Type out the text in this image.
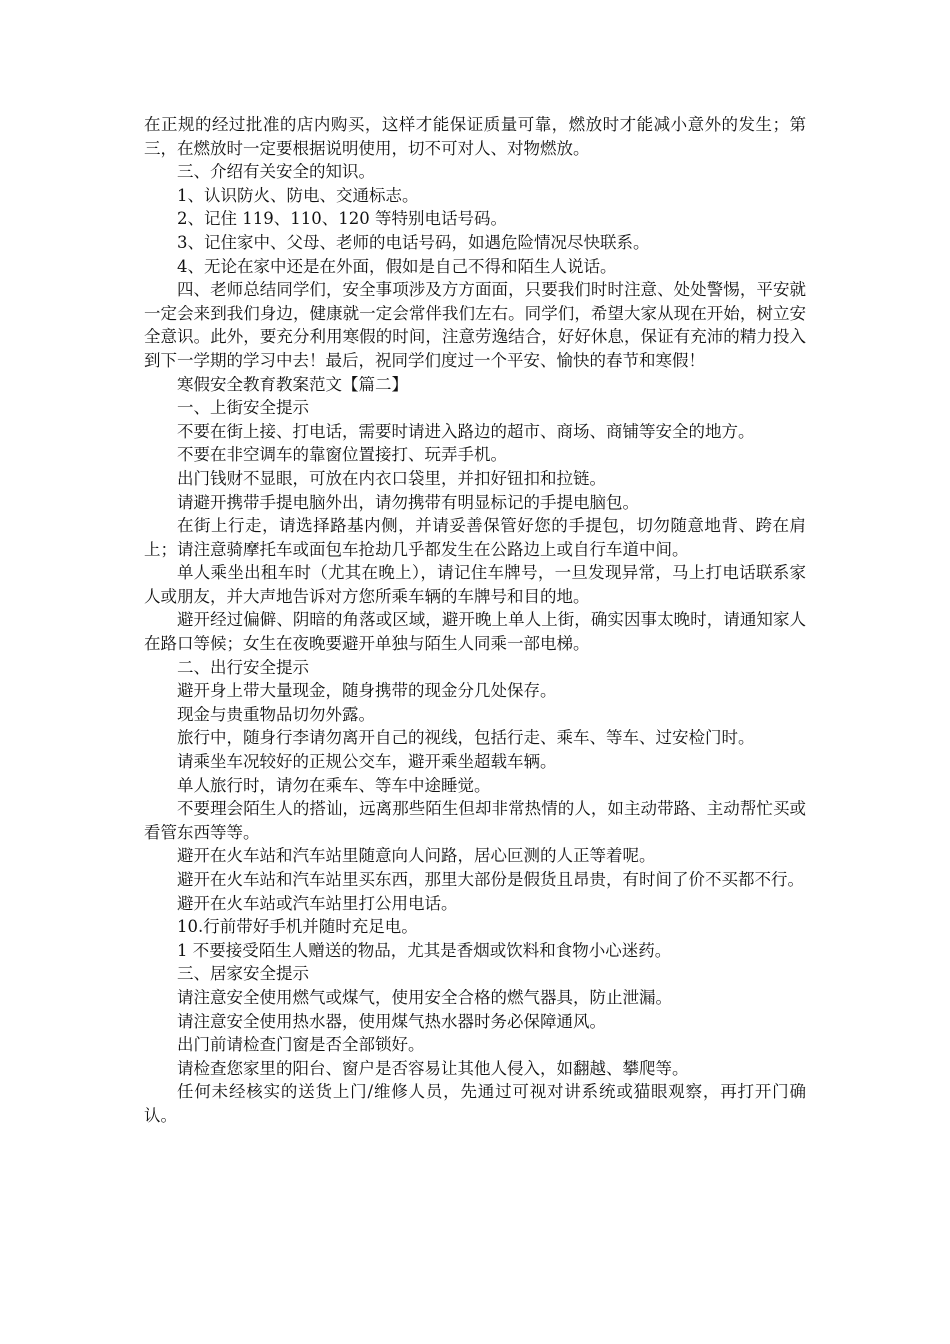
在正规的经过批准的店内购买，这样才能保证质量可靠，燃放时才能减小意外的发生；第三，在燃放时一定要根据说明使用，切不可对人、对物燃放。

三、介绍有关安全的知识。

1、认识防火、防电、交通标志。

2、记住 119、110、120 等特别电话号码。

3、记住家中、父母、老师的电话号码，如遇危险情况尽快联系。

4、无论在家中还是在外面，假如是自己不得和陌生人说话。

四、老师总结同学们，安全事项涉及方方面面，只要我们时时注意、处处警惕，平安就一定会来到我们身边，健康就一定会常伴我们左右。同学们，希望大家从现在开始，树立安全意识。此外，要充分利用寒假的时间，注意劳逸结合，好好休息，保证有充沛的精力投入到下一学期的学习中去！最后，祝同学们度过一个平安、愉快的春节和寒假！

寒假安全教育教案范文【篇二】

一、上街安全提示

不要在街上接、打电话，需要时请进入路边的超市、商场、商铺等安全的地方。

不要在非空调车的靠窗位置接打、玩弄手机。

出门钱财不显眼，可放在内衣口袋里，并扣好钮扣和拉链。

请避开携带手提电脑外出，请勿携带有明显标记的手提电脑包。

在街上行走，请选择路基内侧，并请妥善保管好您的手提包，切勿随意地背、跨在肩上；请注意骑摩托车或面包车抢劫几乎都发生在公路边上或自行车道中间。

单人乘坐出租车时（尤其在晚上），请记住车牌号，一旦发现异常，马上打电话联系家人或朋友，并大声地告诉对方您所乘车辆的车牌号和目的地。

避开经过偏僻、阴暗的角落或区域，避开晚上单人上街，确实因事太晚时，请通知家人在路口等候；女生在夜晚要避开单独与陌生人同乘一部电梯。

二、出行安全提示

避开身上带大量现金，随身携带的现金分几处保存。

现金与贵重物品切勿外露。

旅行中，随身行李请勿离开自己的视线，包括行走、乘车、等车、过安检门时。

请乘坐车况较好的正规公交车，避开乘坐超载车辆。

单人旅行时，请勿在乘车、等车中途睡觉。

不要理会陌生人的搭讪，远离那些陌生但却非常热情的人，如主动带路、主动帮忙买或看管东西等等。

避开在火车站和汽车站里随意向人问路，居心叵测的人正等着呢。

避开在火车站和汽车站里买东西，那里大部份是假货且昂贵，有时间了价不买都不行。

避开在火车站或汽车站里打公用电话。

10.行前带好手机并随时充足电。

1 不要接受陌生人赠送的物品，尤其是香烟或饮料和食物小心迷药。

三、居家安全提示

请注意安全使用燃气或煤气，使用安全合格的燃气器具，防止泄漏。

请注意安全使用热水器，使用煤气热水器时务必保障通风。

出门前请检查门窗是否全部锁好。

请检查您家里的阳台、窗户是否容易让其他人侵入，如翻越、攀爬等。

任何未经核实的送货上门/维修人员，先通过可视对讲系统或猫眼观察，再打开门确认。
